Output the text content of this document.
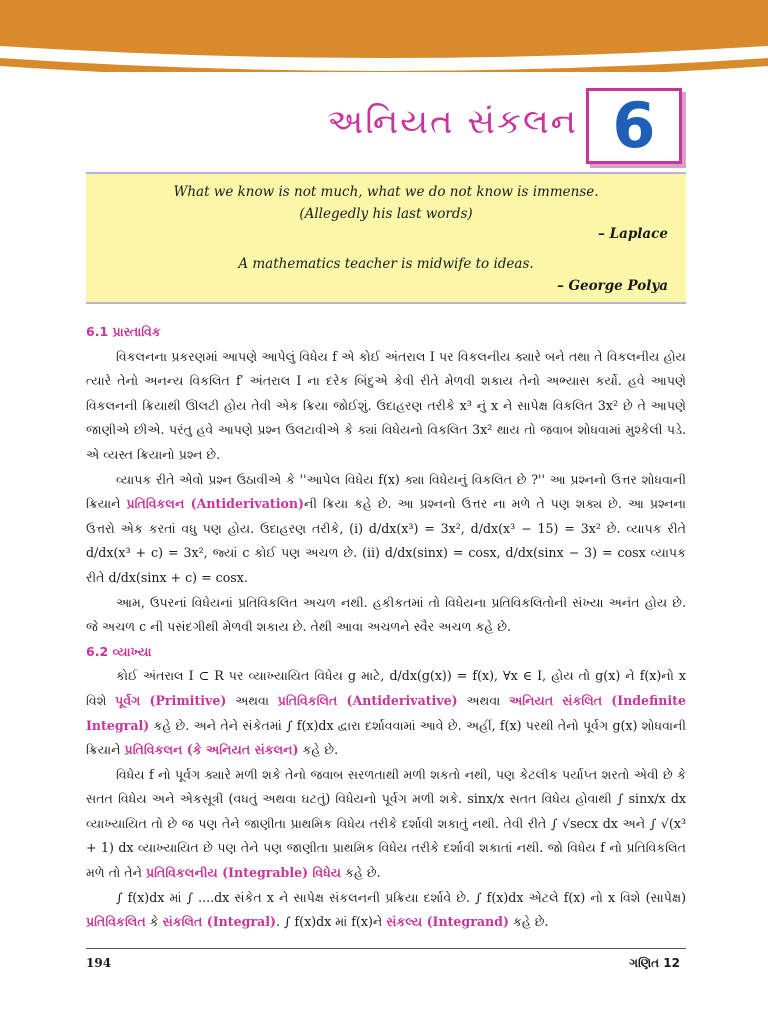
અનિયત સંકલન 6
What we know is not much, what we do not know is immense.
(Allegedly his last words)
– Laplace
A mathematics teacher is midwife to ideas.
– George Polya

6.1 પ્રાસ્તાવિક

વિકલનના પ્રકરણમાં આપણે આપેલું વિધેય f એ કોઈ અંતરાલ I પર વિકલનીય ક્યારે બને તથા તે વિકલનીય હોય ત્યારે તેનો અનન્ય વિકલિત f′ અંતરાલ I ના દરેક બિંદુએ કેવી રીતે મેળવી શકાય તેનો અભ્યાસ કર્યો. હવે આપણે વિકલનની ક્રિયાથી ઊલટી હોય તેવી એક ક્રિયા જોઈશું. ઉદાહરણ તરીકે x³ નું x ને સાપેક્ષ વિકલિત 3x² છે તે આપણે જાણીએ છીએ. પરંતુ હવે આપણે પ્રશ્ન ઉલટાવીએ કે ક્યાં વિધેયનો વિકલિત 3x² થાય તો જવાબ શોધવામાં મુશ્કેલી પડે. એ વ્યસ્ત ક્રિયાનો પ્રશ્ન છે.

વ્યાપક રીતે એવો પ્રશ્ન ઉઠાવીએ કે ''આપેલ વિધેય f(x) ક્યા વિધેયનું વિકલિત છે ?'' આ પ્રશ્નનો ઉત્તર શોધવાની ક્રિયાને પ્રતિવિકલન (Antiderivation)ની ક્રિયા કહે છે. આ પ્રશ્નનો ઉત્તર ના મળે તે પણ શક્ય છે. આ પ્રશ્નના ઉત્તરો એક કરતાં વધુ પણ હોય. ઉદાહરણ તરીકે, (i) d/dx(x³) = 3x², d/dx(x³ − 15) = 3x² છે. વ્યાપક રીતે d/dx(x³ + c) = 3x², જ્યાં c કોઈ પણ અચળ છે. (ii) d/dx(sinx) = cosx, d/dx(sinx − 3) = cosx વ્યાપક રીતે d/dx(sinx + c) = cosx.

આમ, ઉપરનાં વિધેયનાં પ્રતિવિકલિત અચળ નથી. હકીકતમાં તો વિધેયના પ્રતિવિકલિતોની સંખ્યા અનંત હોય છે. જે અચળ c ની પસંદગીથી મેળવી શકાય છે. તેથી આવા અચળને સ્વૈર અચળ કહે છે.

6.2 વ્યાખ્યા

કોઈ અંતરાલ I ⊂ R પર વ્યાખ્યાયિત વિધેય g માટે, d/dx(g(x)) = f(x), ∀x ∈ I, હોય તો g(x) ને f(x)નો x વિશે પૂર્વગ (Primitive) અથવા પ્રતિવિકલિત (Antiderivative) અથવા અનિયત સંકલિત (Indefinite Integral) કહે છે. અને તેને સંકેતમાં ∫ f(x)dx દ્વારા દર્શાવવામાં આવે છે. અહીં, f(x) પરથી તેનો પૂર્વગ g(x) શોધવાની ક્રિયાને પ્રતિવિકલન (કે અનિયત સંકલન) કહે છે.

વિધેય f નો પૂર્વગ ક્યારે મળી શકે તેનો જવાબ સરળતાથી મળી શકતો નથી, પણ કેટલીક પર્યાપ્ત શરતો એવી છે કે સતત વિધેય અને એકસૂત્રી (વધતું અથવા ઘટતું) વિધેયનો પૂર્વગ મળી શકે. sinx/x સતત વિધેય હોવાથી ∫ sinx/x dx વ્યાખ્યાયિત તો છે જ પણ તેને જાણીતા પ્રાથમિક વિધેય તરીકે દર્શાવી શકાતું નથી. તેવી રીતે ∫ √secx dx અને ∫ √(x³ + 1) dx વ્યાખ્યાયિત છે પણ તેને પણ જાણીતા પ્રાથમિક વિધેય તરીકે દર્શાવી શકાતાં નથી. જો વિધેય f નો પ્રતિવિકલિત મળે તો તેને પ્રતિવિકલનીય (Integrable) વિધેય કહે છે.

∫ f(x)dx માં ∫ ....dx સંકેત x ને સાપેક્ષ સંકલનની પ્રક્રિયા દર્શાવે છે. ∫ f(x)dx એટલે f(x) નો x વિશે (સાપેક્ષ) પ્રતિવિકલિત કે સંકલિત (Integral). ∫ f(x)dx માં f(x)ને સંકલ્ય (Integrand) કહે છે.

194	ગણિત 12
